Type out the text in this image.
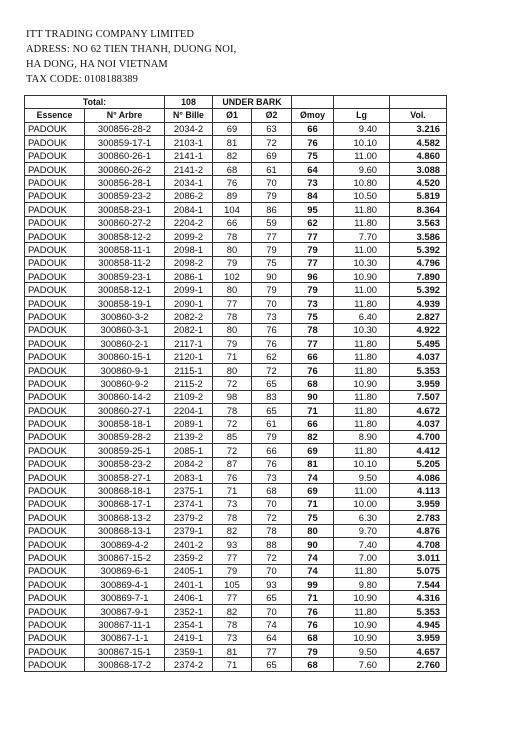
ITT TRADING COMPANY LIMITED
ADRESS: NO 62 TIEN THANH, DUONG NOI,
HA DONG, HA NOI VIETNAM
TAX CODE: 0108188389
Total:		108	UNDER BARK				
Essence	N° Arbre	N° Bille	Ø1	Ø2	Ømoy	Lg	Vol.
PADOUK	300856-28-2	2034-2	69	63	66	9.40	3.216
PADOUK	300859-17-1	2103-1	81	72	76	10.10	4.582
PADOUK	300860-26-1	2141-1	82	69	75	11.00	4.860
PADOUK	300860-26-2	2141-2	68	61	64	9.60	3.088
PADOUK	300856-28-1	2034-1	76	70	73	10.80	4.520
PADOUK	300859-23-2	2086-2	89	79	84	10.50	5.819
PADOUK	300858-23-1	2084-1	104	86	95	11.80	8.364
PADOUK	300860-27-2	2204-2	66	59	62	11.80	3.563
PADOUK	300858-12-2	2099-2	78	77	77	7.70	3.586
PADOUK	300858-11-1	2098-1	80	79	79	11.00	5.392
PADOUK	300858-11-2	2098-2	79	75	77	10.30	4.796
PADOUK	300859-23-1	2086-1	102	90	96	10.90	7.890
PADOUK	300858-12-1	2099-1	80	79	79	11.00	5.392
PADOUK	300858-19-1	2090-1	77	70	73	11.80	4.939
PADOUK	300860-3-2	2082-2	78	73	75	6.40	2.827
PADOUK	300860-3-1	2082-1	80	76	78	10.30	4.922
PADOUK	300860-2-1	2117-1	79	76	77	11.80	5.495
PADOUK	300860-15-1	2120-1	71	62	66	11.80	4.037
PADOUK	300860-9-1	2115-1	80	72	76	11.80	5.353
PADOUK	300860-9-2	2115-2	72	65	68	10.90	3.959
PADOUK	300860-14-2	2109-2	98	83	90	11.80	7.507
PADOUK	300860-27-1	2204-1	78	65	71	11.80	4.672
PADOUK	300858-18-1	2089-1	72	61	66	11.80	4.037
PADOUK	300859-28-2	2139-2	85	79	82	8.90	4.700
PADOUK	300859-25-1	2085-1	72	66	69	11.80	4.412
PADOUK	300858-23-2	2084-2	87	76	81	10.10	5.205
PADOUK	300858-27-1	2083-1	76	73	74	9.50	4.086
PADOUK	300868-18-1	2375-1	71	68	69	11.00	4.113
PADOUK	300868-17-1	2374-1	73	70	71	10.00	3.959
PADOUK	300868-13-2	2379-2	78	72	75	6.30	2.783
PADOUK	300868-13-1	2379-1	82	78	80	9.70	4.876
PADOUK	300869-4-2	2401-2	93	88	90	7.40	4.708
PADOUK	300867-15-2	2359-2	77	72	74	7.00	3.011
PADOUK	300869-6-1	2405-1	79	70	74	11.80	5.075
PADOUK	300869-4-1	2401-1	105	93	99	9.80	7.544
PADOUK	300869-7-1	2406-1	77	65	71	10.90	4.316
PADOUK	300867-9-1	2352-1	82	70	76	11.80	5.353
PADOUK	300867-11-1	2354-1	78	74	76	10.90	4.945
PADOUK	300867-1-1	2419-1	73	64	68	10.90	3.959
PADOUK	300867-15-1	2359-1	81	77	79	9.50	4.657
PADOUK	300868-17-2	2374-2	71	65	68	7.60	2.760
